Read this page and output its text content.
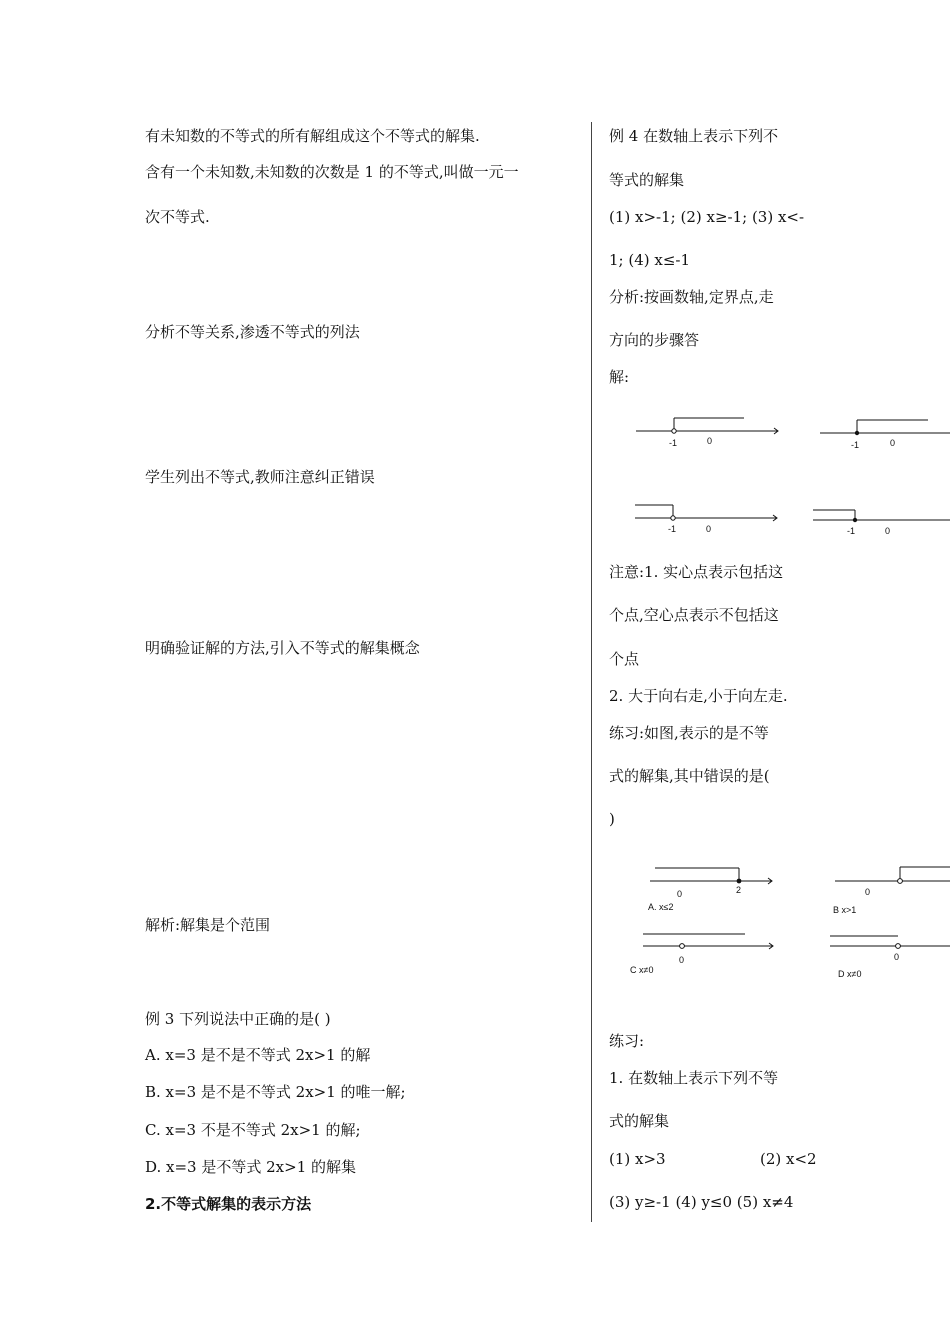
有未知数的不等式的所有解组成这个不等式的解集.
含有一个未知数,未知数的次数是 1 的不等式,叫做一元一
次不等式.
分析不等关系,渗透不等式的列法
学生列出不等式,教师注意纠正错误
明确验证解的方法,引入不等式的解集概念
解析:解集是个范围
例 3 下列说法中正确的是( )
A. x=3 是不是不等式 2x>1 的解
B. x=3 是不是不等式 2x>1 的唯一解;
C. x=3 不是不等式 2x>1 的解;
D. x=3 是不等式 2x>1 的解集
2.不等式解集的表示方法
例 4 在数轴上表示下列不
等式的解集
(1) x>-1; (2) x≥-1; (3) x<-
1; (4) x≤-1
分析:按画数轴,定界点,走
方向的步骤答
解:
-1	0	-1	0
-1	0	-1	0
注意:1. 实心点表示包括这
个点,空心点表示不包括这
个点
2. 大于向右走,小于向左走.
练习:如图,表示的是不等
式的解集,其中错误的是(
)
0	2
A. x≤2
0
B x>1
0
C x≠0
0
D x≠0
练习:
1. 在数轴上表示下列不等
式的解集
(1) x>3	(2) x<2
(3) y≥-1 (4) y≤0 (5) x≠4
